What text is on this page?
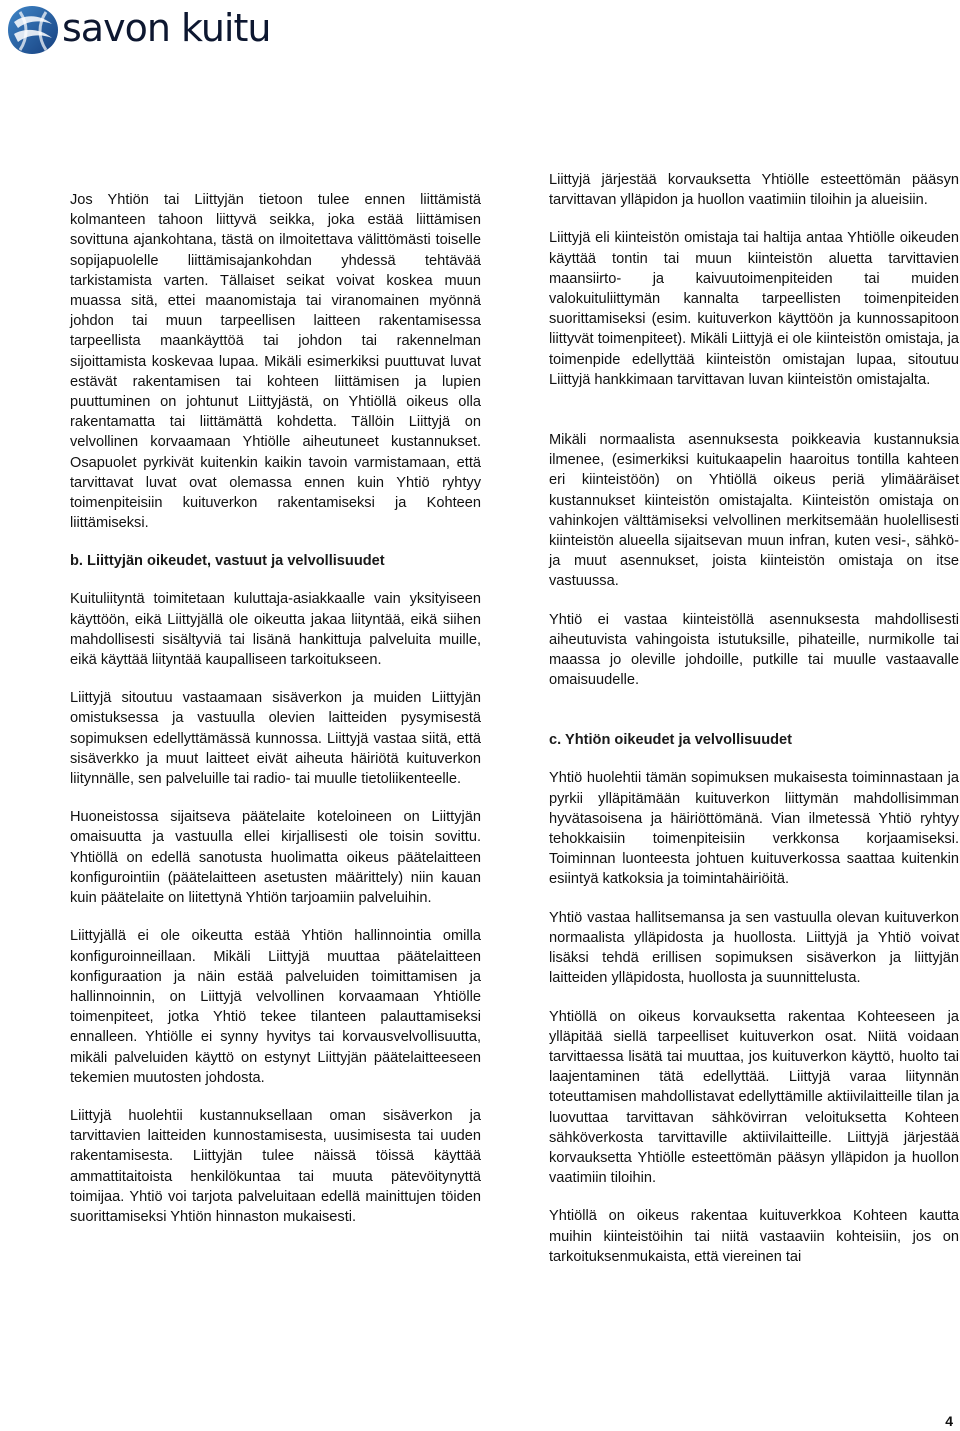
savon kuitu

Jos Yhtiön tai Liittyjän tietoon tulee ennen liittämistä kolmanteen tahoon liittyvä seikka, joka estää liittämisen sovittuna ajankohtana, tästä on ilmoitettava välittömästi toiselle sopijapuolelle liittämisajankohdan yhdessä tehtävää tarkistamista varten. Tällaiset seikat voivat koskea muun muassa sitä, ettei maanomistaja tai viranomainen myönnä johdon tai muun tarpeellisen laitteen rakentamisessa tarpeellista maankäyttöä tai johdon tai rakennelman sijoittamista koskevaa lupaa. Mikäli esimerkiksi puuttuvat luvat estävät rakentamisen tai kohteen liittämisen ja lupien puuttuminen on johtunut Liittyjästä, on Yhtiöllä oikeus olla rakentamatta tai liittämättä kohdetta. Tällöin Liittyjä on velvollinen korvaamaan Yhtiölle aiheutuneet kustannukset. Osapuolet pyrkivät kuitenkin kaikin tavoin varmistamaan, että tarvittavat luvat ovat olemassa ennen kuin Yhtiö ryhtyy toimenpiteisiin kuituverkon rakentamiseksi ja Kohteen liittämiseksi.

b. Liittyjän oikeudet, vastuut ja velvollisuudet

Kuituliityntä toimitetaan kuluttaja-asiakkaalle vain yksityiseen käyttöön, eikä Liittyjällä ole oikeutta jakaa liityntää, eikä siihen mahdollisesti sisältyviä tai lisänä hankittuja palveluita muille, eikä käyttää liityntää kaupalliseen tarkoitukseen.

Liittyjä sitoutuu vastaamaan sisäverkon ja muiden Liittyjän omistuksessa ja vastuulla olevien laitteiden pysymisestä sopimuksen edellyttämässä kunnossa. Liittyjä vastaa siitä, että sisäverkko ja muut laitteet eivät aiheuta häiriötä kuituverkon liitynnälle, sen palveluille tai radio- tai muulle tietoliikenteelle.

Huoneistossa sijaitseva päätelaite koteloineen on Liittyjän omaisuutta ja vastuulla ellei kirjallisesti ole toisin sovittu. Yhtiöllä on edellä sanotusta huolimatta oikeus päätelaitteen konfigurointiin (päätelaitteen asetusten määrittely) niin kauan kuin päätelaite on liitettynä Yhtiön tarjoamiin palveluihin.

Liittyjällä ei ole oikeutta estää Yhtiön hallinnointia omilla konfiguroinneillaan. Mikäli Liittyjä muuttaa päätelaitteen konfiguraation ja näin estää palveluiden toimittamisen ja hallinnoinnin, on Liittyjä velvollinen korvaamaan Yhtiölle toimenpiteet, jotka Yhtiö tekee tilanteen palauttamiseksi ennalleen. Yhtiölle ei synny hyvitys tai korvausvelvollisuutta, mikäli palveluiden käyttö on estynyt Liittyjän päätelaitteeseen tekemien muutosten johdosta.

Liittyjä huolehtii kustannuksellaan oman sisäverkon ja tarvittavien laitteiden kunnostamisesta, uusimisesta tai uuden rakentamisesta. Liittyjän tulee näissä töissä käyttää ammattitaitoista henkilökuntaa tai muuta pätevöitynyttä toimijaa. Yhtiö voi tarjota palveluitaan edellä mainittujen töiden suorittamiseksi Yhtiön hinnaston mukaisesti.

Liittyjä järjestää korvauksetta Yhtiölle esteettömän pääsyn tarvittavan ylläpidon ja huollon vaatimiin tiloihin ja alueisiin.

Liittyjä eli kiinteistön omistaja tai haltija antaa Yhtiölle oikeuden käyttää tontin tai muun kiinteistön aluetta tarvittavien maansiirto- ja kaivuutoimenpiteiden tai muiden valokuituliittymän kannalta tarpeellisten toimenpiteiden suorittamiseksi (esim. kuituverkon käyttöön ja kunnossapitoon liittyvät toimenpiteet). Mikäli Liittyjä ei ole kiinteistön omistaja, ja toimenpide edellyttää kiinteistön omistajan lupaa, sitoutuu Liittyjä hankkimaan tarvittavan luvan kiinteistön omistajalta.

Mikäli normaalista asennuksesta poikkeavia kustannuksia ilmenee, (esimerkiksi kuitukaapelin haaroitus tontilla kahteen eri kiinteistöön) on Yhtiöllä oikeus periä ylimääräiset kustannukset kiinteistön omistajalta. Kiinteistön omistaja on vahinkojen välttämiseksi velvollinen merkitsemään huolellisesti kiinteistön alueella sijaitsevan muun infran, kuten vesi-, sähkö- ja muut asennukset, joista kiinteistön omistaja on itse vastuussa.

Yhtiö ei vastaa kiinteistöllä asennuksesta mahdollisesti aiheutuvista vahingoista istutuksille, pihateille, nurmikolle tai maassa jo oleville johdoille, putkille tai muulle vastaavalle omaisuudelle.

c. Yhtiön oikeudet ja velvollisuudet

Yhtiö huolehtii tämän sopimuksen mukaisesta toiminnastaan ja pyrkii ylläpitämään kuituverkon liittymän mahdollisimman hyvätasoisena ja häiriöttömänä. Vian ilmetessä Yhtiö ryhtyy tehokkaisiin toimenpiteisiin verkkonsa korjaamiseksi. Toiminnan luonteesta johtuen kuituverkossa saattaa kuitenkin esiintyä katkoksia ja toimintahäiriöitä.

Yhtiö vastaa hallitsemansa ja sen vastuulla olevan kuituverkon normaalista ylläpidosta ja huollosta. Liittyjä ja Yhtiö voivat lisäksi tehdä erillisen sopimuksen sisäverkon ja liittyjän laitteiden ylläpidosta, huollosta ja suunnittelusta.

Yhtiöllä on oikeus korvauksetta rakentaa Kohteeseen ja ylläpitää siellä tarpeelliset kuituverkon osat. Niitä voidaan tarvittaessa lisätä tai muuttaa, jos kuituverkon käyttö, huolto tai laajentaminen tätä edellyttää. Liittyjä varaa liitynnän toteuttamisen mahdollistavat edellyttämille aktiivilaitteille tilan ja luovuttaa tarvittavan sähkövirran veloituksetta Kohteen sähköverkosta tarvittaville aktiivilaitteille. Liittyjä järjestää korvauksetta Yhtiölle esteettömän pääsyn ylläpidon ja huollon vaatimiin tiloihin.

Yhtiöllä on oikeus rakentaa kuituverkkoa Kohteen kautta muihin kiinteistöihin tai niitä vastaaviin kohteisiin, jos on tarkoituksenmukaista, että viereinen tai

4
